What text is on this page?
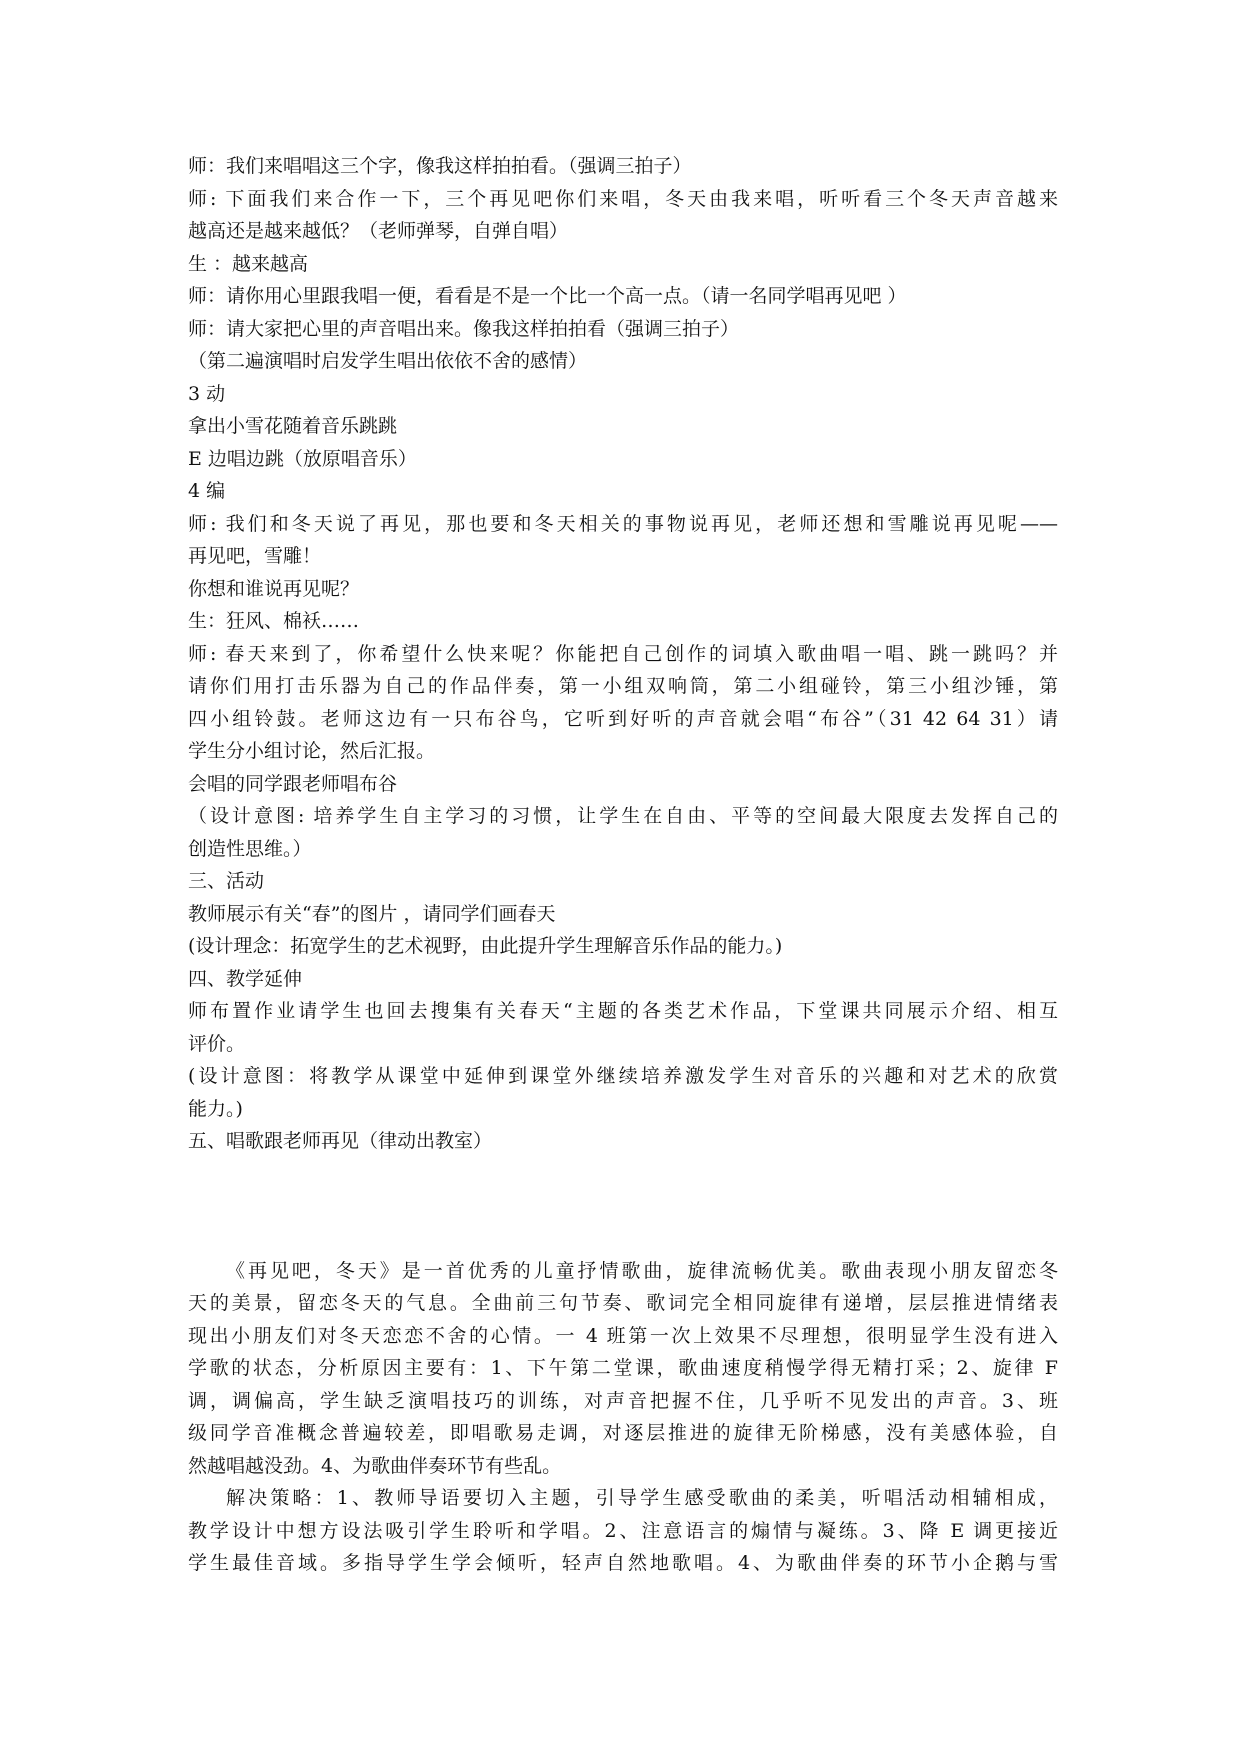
师：我们来唱唱这三个字，像我这样拍拍看。（强调三拍子）
师: 下面我们来合作一下，三个再见吧你们来唱，冬天由我来唱，听听看三个冬天声音越来
越高还是越来越低？（老师弹琴，自弹自唱）
生 ：越来越高
师：请你用心里跟我唱一便，看看是不是一个比一个高一点。（请一名同学唱再见吧 ）
师：请大家把心里的声音唱出来。像我这样拍拍看（强调三拍子）
（第二遍演唱时启发学生唱出依依不舍的感情）
3 动
拿出小雪花随着音乐跳跳
E 边唱边跳（放原唱音乐）
4 编
师: 我们和冬天说了再见，那也要和冬天相关的事物说再见，老师还想和雪雕说再见呢——
再见吧，雪雕！
你想和谁说再见呢？
生：狂风、棉袄……
师: 春天来到了，你希望什么快来呢？你能把自己创作的词填入歌曲唱一唱、跳一跳吗？并
请你们用打击乐器为自己的作品伴奏，第一小组双响筒，第二小组碰铃，第三小组沙锤，第
四小组铃鼓。老师这边有一只布谷鸟，它听到好听的声音就会唱“布谷”（31 42 64 31）请
学生分小组讨论，然后汇报。
会唱的同学跟老师唱布谷
（设计意图: 培养学生自主学习的习惯，让学生在自由、平等的空间最大限度去发挥自己的
创造性思维。）
三、活动
教师展示有关“春”的图片 ，请同学们画春天
(设计理念：拓宽学生的艺术视野，由此提升学生理解音乐作品的能力。)
四、教学延伸
师布置作业请学生也回去搜集有关春天“主题的各类艺术作品，下堂课共同展示介绍、相互
评价。
(设计意图：将教学从课堂中延伸到课堂外继续培养激发学生对音乐的兴趣和对艺术的欣赏
能力。)
五、唱歌跟老师再见（律动出教室）
《再见吧，冬天》是一首优秀的儿童抒情歌曲，旋律流畅优美。歌曲表现小朋友留恋冬
天的美景，留恋冬天的气息。全曲前三句节奏、歌词完全相同旋律有递增，层层推进情绪表
现出小朋友们对冬天恋恋不舍的心情。一 4 班第一次上效果不尽理想，很明显学生没有进入
学歌的状态，分析原因主要有：1、下午第二堂课，歌曲速度稍慢学得无精打采；2、旋律 F
调，调偏高，学生缺乏演唱技巧的训练，对声音把握不住，几乎听不见发出的声音。3、班
级同学音准概念普遍较差，即唱歌易走调，对逐层推进的旋律无阶梯感，没有美感体验，自
然越唱越没劲。4、为歌曲伴奏环节有些乱。
解决策略：1、教师导语要切入主题，引导学生感受歌曲的柔美，听唱活动相辅相成，
教学设计中想方设法吸引学生聆听和学唱。2、注意语言的煽情与凝练。3、降 E 调更接近
学生最佳音域。多指导学生学会倾听，轻声自然地歌唱。4、为歌曲伴奏的环节小企鹅与雪
